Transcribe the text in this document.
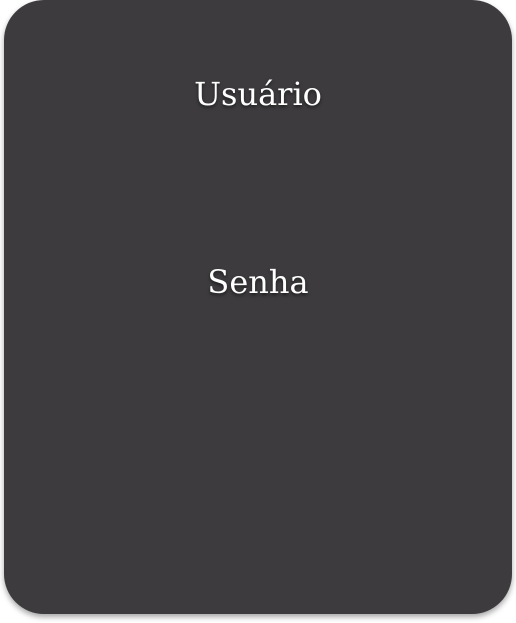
Usuário
Senha
